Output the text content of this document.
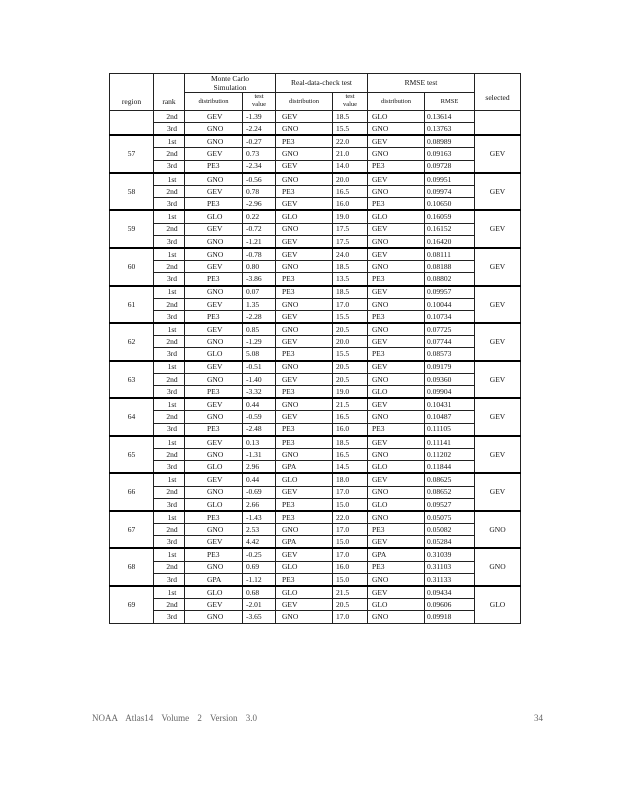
region	rank	Monte Carlo Simulation		Real-data-check test		RMSE test		selected
		distribution	test value	distribution	test value	distribution	RMSE	
	2nd	GEV	-1.39	GEV	18.5	GLO	0.13614	
	3rd	GNO	-2.24	GNO	15.5	GNO	0.13763	
57	1st	GNO	-0.27	PE3	22.0	GEV	0.08989	GEV
	2nd	GEV	0.73	GNO	21.0	GNO	0.09163	
	3rd	PE3	-2.34	GEV	14.0	PE3	0.09728	
58	1st	GNO	-0.56	GNO	20.0	GEV	0.09951	GEV
	2nd	GEV	0.78	PE3	16.5	GNO	0.09974	
	3rd	PE3	-2.96	GEV	16.0	PE3	0.10650	
59	1st	GLO	0.22	GLO	19.0	GLO	0.16059	GEV
	2nd	GEV	-0.72	GNO	17.5	GEV	0.16152	
	3rd	GNO	-1.21	GEV	17.5	GNO	0.16420	
60	1st	GNO	-0.78	GEV	24.0	GEV	0.08111	GEV
	2nd	GEV	0.80	GNO	18.5	GNO	0.08188	
	3rd	PE3	-3.86	PE3	13.5	PE3	0.08802	
61	1st	GNO	0.07	PE3	18.5	GEV	0.09957	GEV
	2nd	GEV	1.35	GNO	17.0	GNO	0.10044	
	3rd	PE3	-2.28	GEV	15.5	PE3	0.10734	
62	1st	GEV	0.85	GNO	20.5	GNO	0.07725	GEV
	2nd	GNO	-1.29	GEV	20.0	GEV	0.07744	
	3rd	GLO	5.08	PE3	15.5	PE3	0.08573	
63	1st	GEV	-0.51	GNO	20.5	GEV	0.09179	GEV
	2nd	GNO	-1.40	GEV	20.5	GNO	0.09360	
	3rd	PE3	-3.32	PE3	19.0	GLO	0.09904	
64	1st	GEV	0.44	GNO	21.5	GEV	0.10431	GEV
	2nd	GNO	-0.59	GEV	16.5	GNO	0.10487	
	3rd	PE3	-2.48	PE3	16.0	PE3	0.11105	
65	1st	GEV	0.13	PE3	18.5	GEV	0.11141	GEV
	2nd	GNO	-1.31	GNO	16.5	GNO	0.11202	
	3rd	GLO	2.96	GPA	14.5	GLO	0.11844	
66	1st	GEV	0.44	GLO	18.0	GEV	0.08625	GEV
	2nd	GNO	-0.69	GEV	17.0	GNO	0.08652	
	3rd	GLO	2.66	PE3	15.0	GLO	0.09527	
67	1st	PE3	-1.43	PE3	22.0	GNO	0.05075	GNO
	2nd	GNO	2.53	GNO	17.0	PE3	0.05082	
	3rd	GEV	4.42	GPA	15.0	GEV	0.05284	
68	1st	PE3	-0.25	GEV	17.0	GPA	0.31039	GNO
	2nd	GNO	0.69	GLO	16.0	PE3	0.31103	
	3rd	GPA	-1.12	PE3	15.0	GNO	0.31133	
69	1st	GLO	0.68	GLO	21.5	GEV	0.09434	GLO
	2nd	GEV	-2.01	GEV	20.5	GLO	0.09606	
	3rd	GNO	-3.65	GNO	17.0	GNO	0.09918	
NOAA Atlas14 Volume 2 Version 3.0	34
